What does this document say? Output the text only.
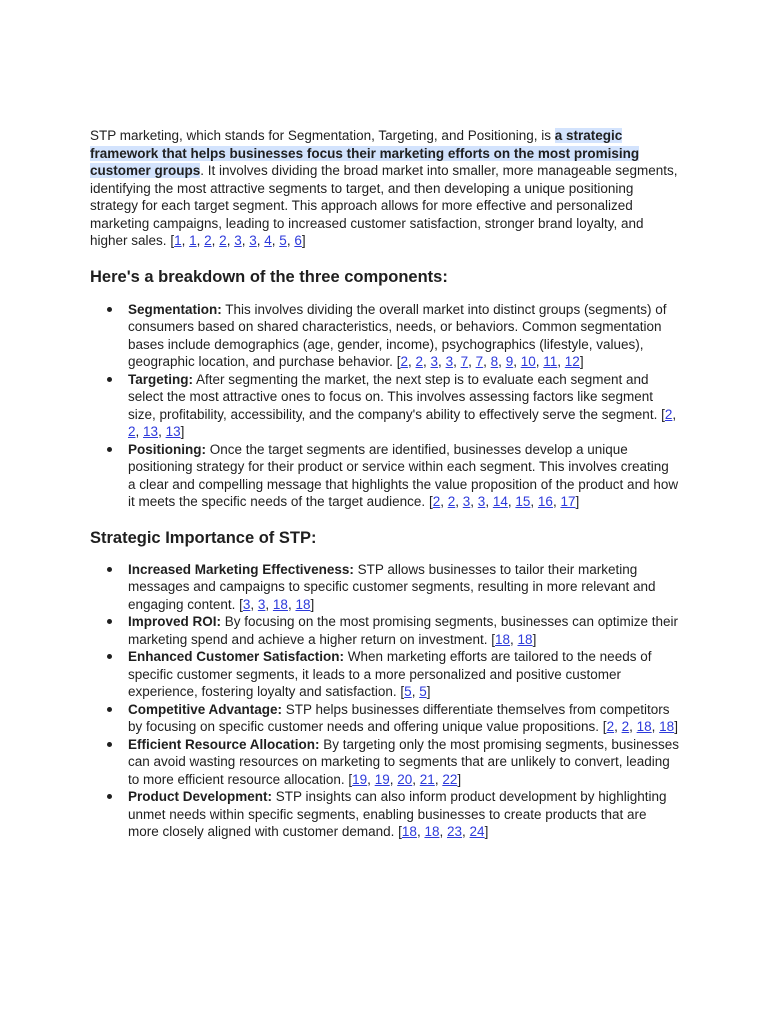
STP marketing, which stands for Segmentation, Targeting, and Positioning, is a strategic framework that helps businesses focus their marketing efforts on the most promising customer groups. It involves dividing the broad market into smaller, more manageable segments, identifying the most attractive segments to target, and then developing a unique positioning strategy for each target segment. This approach allows for more effective and personalized marketing campaigns, leading to increased customer satisfaction, stronger brand loyalty, and higher sales. [1, 1, 2, 2, 3, 3, 4, 5, 6]

Here's a breakdown of the three components:
Segmentation: This involves dividing the overall market into distinct groups (segments) of consumers based on shared characteristics, needs, or behaviors. Common segmentation bases include demographics (age, gender, income), psychographics (lifestyle, values), geographic location, and purchase behavior. [2, 2, 3, 3, 7, 7, 8, 9, 10, 11, 12]
Targeting: After segmenting the market, the next step is to evaluate each segment and select the most attractive ones to focus on. This involves assessing factors like segment size, profitability, accessibility, and the company's ability to effectively serve the segment. [2, 2, 13, 13]
Positioning: Once the target segments are identified, businesses develop a unique positioning strategy for their product or service within each segment. This involves creating a clear and compelling message that highlights the value proposition of the product and how it meets the specific needs of the target audience. [2, 2, 3, 3, 14, 15, 16, 17]
Strategic Importance of STP:
Increased Marketing Effectiveness: STP allows businesses to tailor their marketing messages and campaigns to specific customer segments, resulting in more relevant and engaging content. [3, 3, 18, 18]
Improved ROI: By focusing on the most promising segments, businesses can optimize their marketing spend and achieve a higher return on investment. [18, 18]
Enhanced Customer Satisfaction: When marketing efforts are tailored to the needs of specific customer segments, it leads to a more personalized and positive customer experience, fostering loyalty and satisfaction. [5, 5]
Competitive Advantage: STP helps businesses differentiate themselves from competitors by focusing on specific customer needs and offering unique value propositions. [2, 2, 18, 18]
Efficient Resource Allocation: By targeting only the most promising segments, businesses can avoid wasting resources on marketing to segments that are unlikely to convert, leading to more efficient resource allocation. [19, 19, 20, 21, 22]
Product Development: STP insights can also inform product development by highlighting unmet needs within specific segments, enabling businesses to create products that are more closely aligned with customer demand. [18, 18, 23, 24]
